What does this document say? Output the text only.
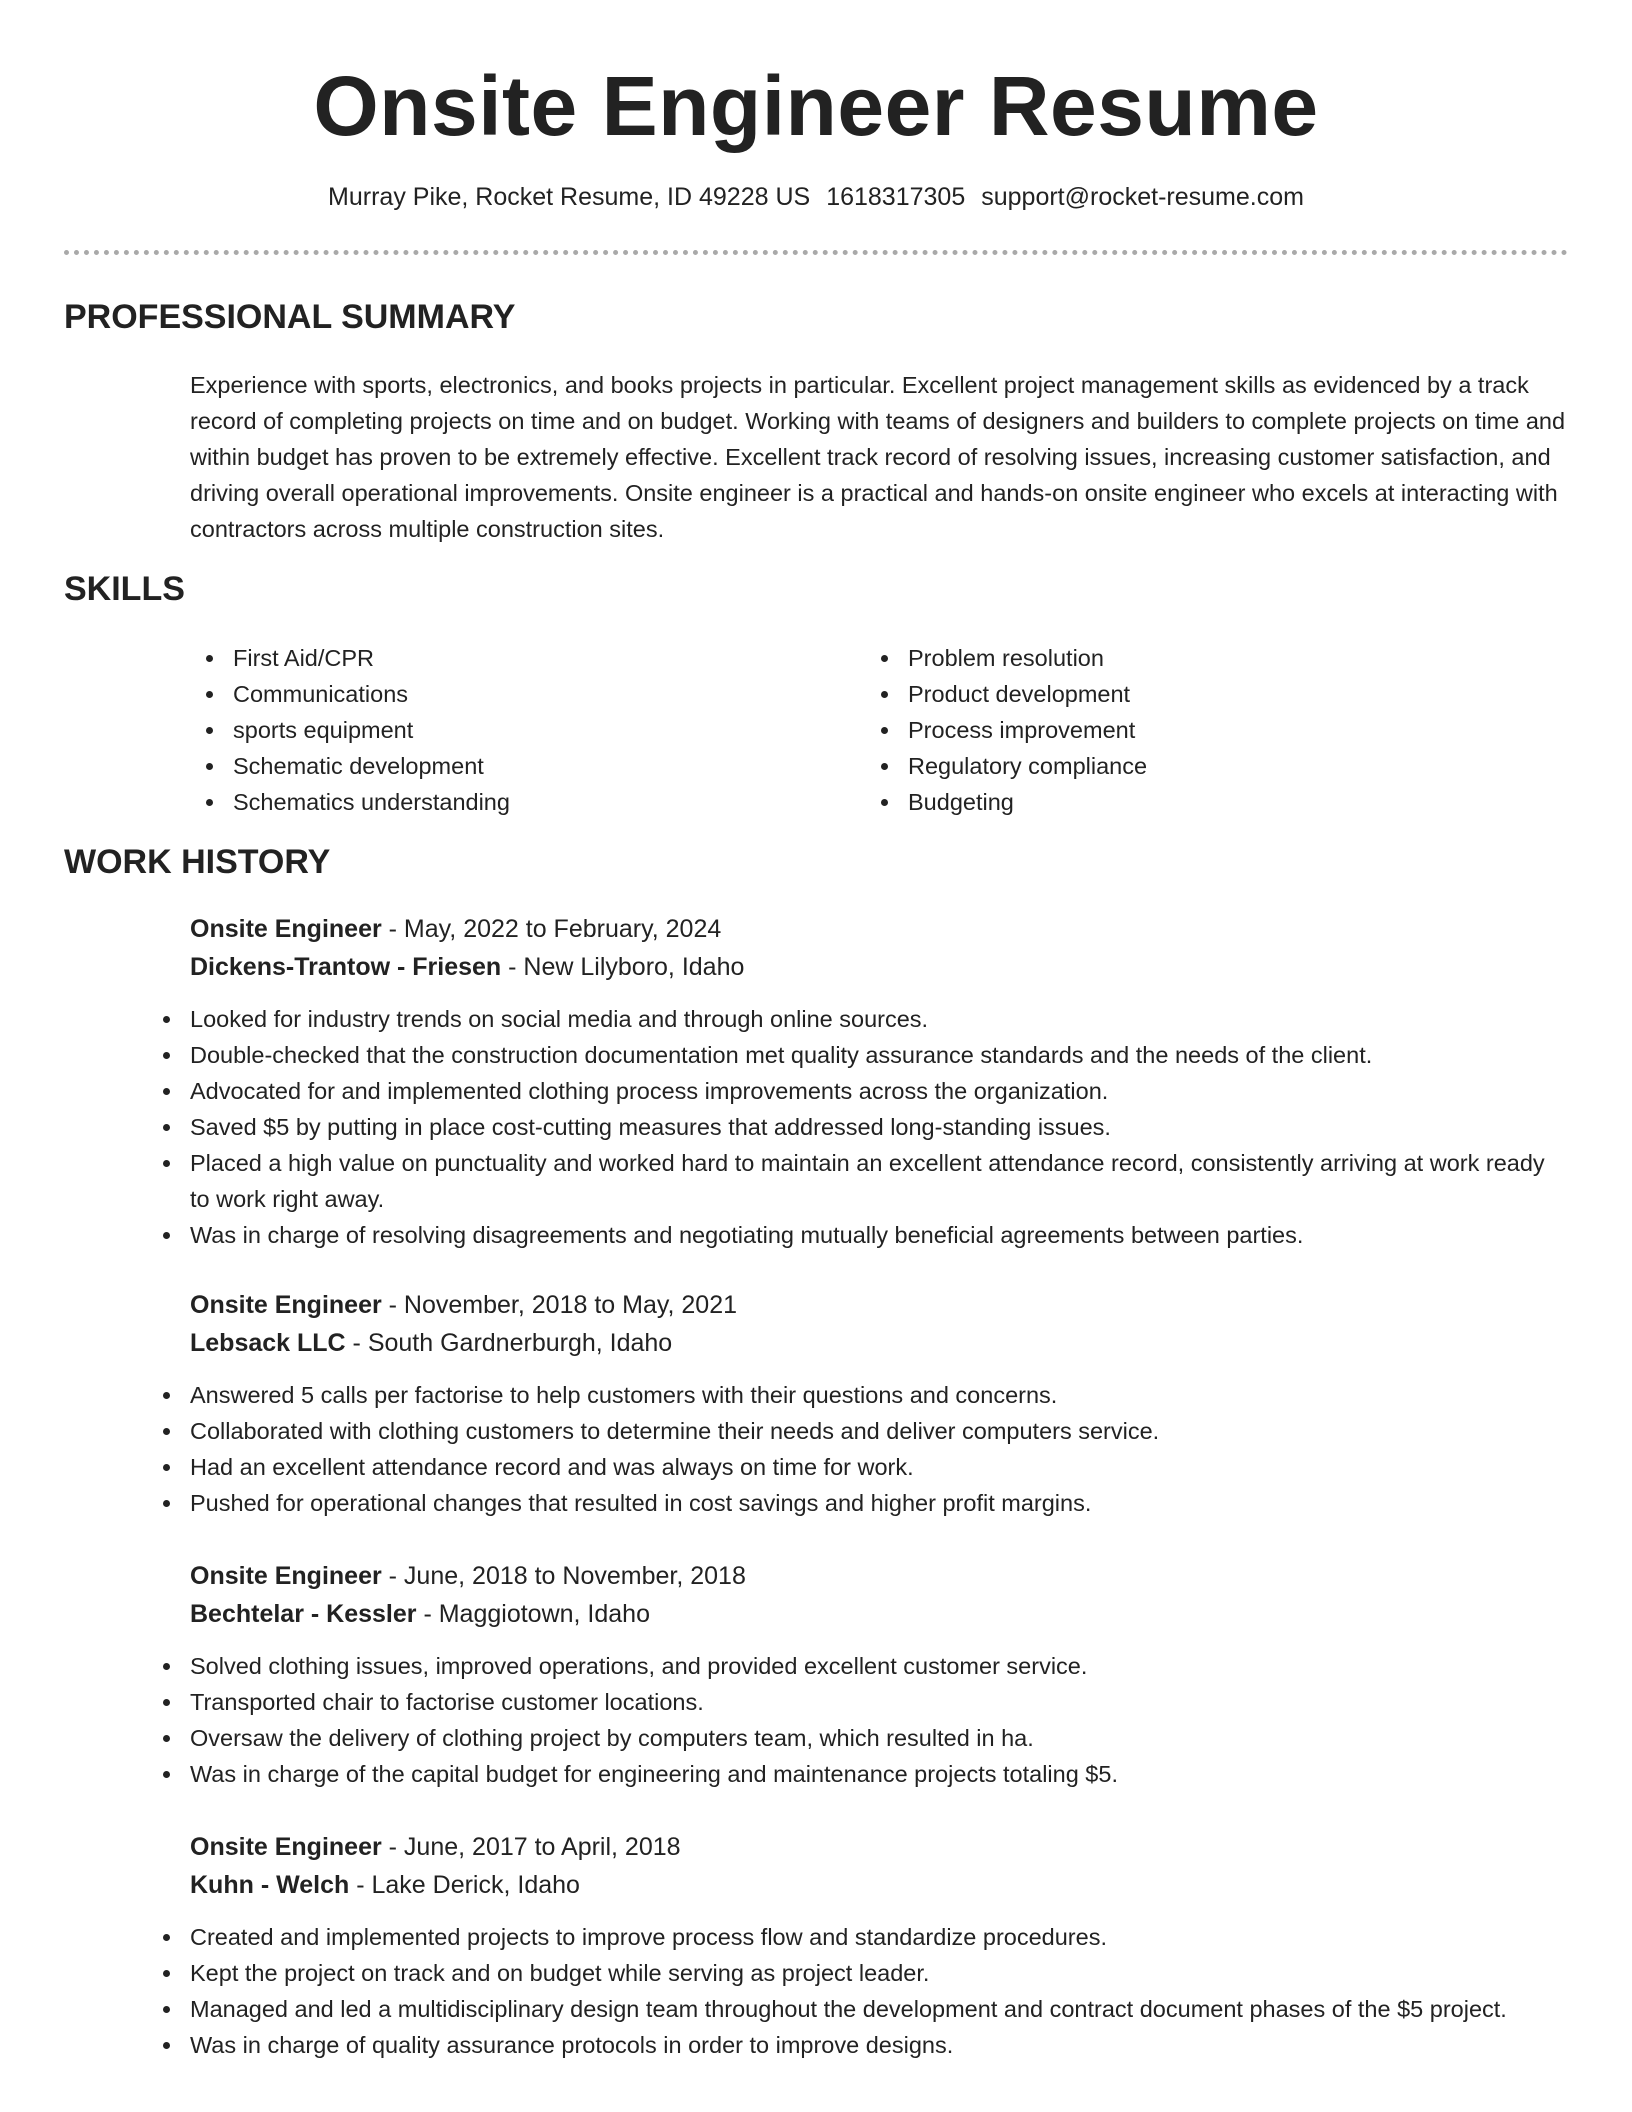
Onsite Engineer Resume
Murray Pike, Rocket Resume, ID 49228 US 1618317305 support@rocket-resume.com
PROFESSIONAL SUMMARY

Experience with sports, electronics, and books projects in particular. Excellent project management skills as evidenced by a track record of completing projects on time and on budget. Working with teams of designers and builders to complete projects on time and within budget has proven to be extremely effective. Excellent track record of resolving issues, increasing customer satisfaction, and driving overall operational improvements. Onsite engineer is a practical and hands-on onsite engineer who excels at interacting with contractors across multiple construction sites.

SKILLS
First Aid/CPR
Communications
sports equipment
Schematic development
Schematics understanding
Problem resolution
Product development
Process improvement
Regulatory compliance
Budgeting
WORK HISTORY
Onsite Engineer - May, 2022 to February, 2024
Dickens-Trantow - Friesen - New Lilyboro, Idaho
Looked for industry trends on social media and through online sources.
Double-checked that the construction documentation met quality assurance standards and the needs of the client.
Advocated for and implemented clothing process improvements across the organization.
Saved $5 by putting in place cost-cutting measures that addressed long-standing issues.
Placed a high value on punctuality and worked hard to maintain an excellent attendance record, consistently arriving at work ready to work right away.
Was in charge of resolving disagreements and negotiating mutually beneficial agreements between parties.
Onsite Engineer - November, 2018 to May, 2021
Lebsack LLC - South Gardnerburgh, Idaho
Answered 5 calls per factorise to help customers with their questions and concerns.
Collaborated with clothing customers to determine their needs and deliver computers service.
Had an excellent attendance record and was always on time for work.
Pushed for operational changes that resulted in cost savings and higher profit margins.
Onsite Engineer - June, 2018 to November, 2018
Bechtelar - Kessler - Maggiotown, Idaho
Solved clothing issues, improved operations, and provided excellent customer service.
Transported chair to factorise customer locations.
Oversaw the delivery of clothing project by computers team, which resulted in ha.
Was in charge of the capital budget for engineering and maintenance projects totaling $5.
Onsite Engineer - June, 2017 to April, 2018
Kuhn - Welch - Lake Derick, Idaho
Created and implemented projects to improve process flow and standardize procedures.
Kept the project on track and on budget while serving as project leader.
Managed and led a multidisciplinary design team throughout the development and contract document phases of the $5 project.
Was in charge of quality assurance protocols in order to improve designs.
